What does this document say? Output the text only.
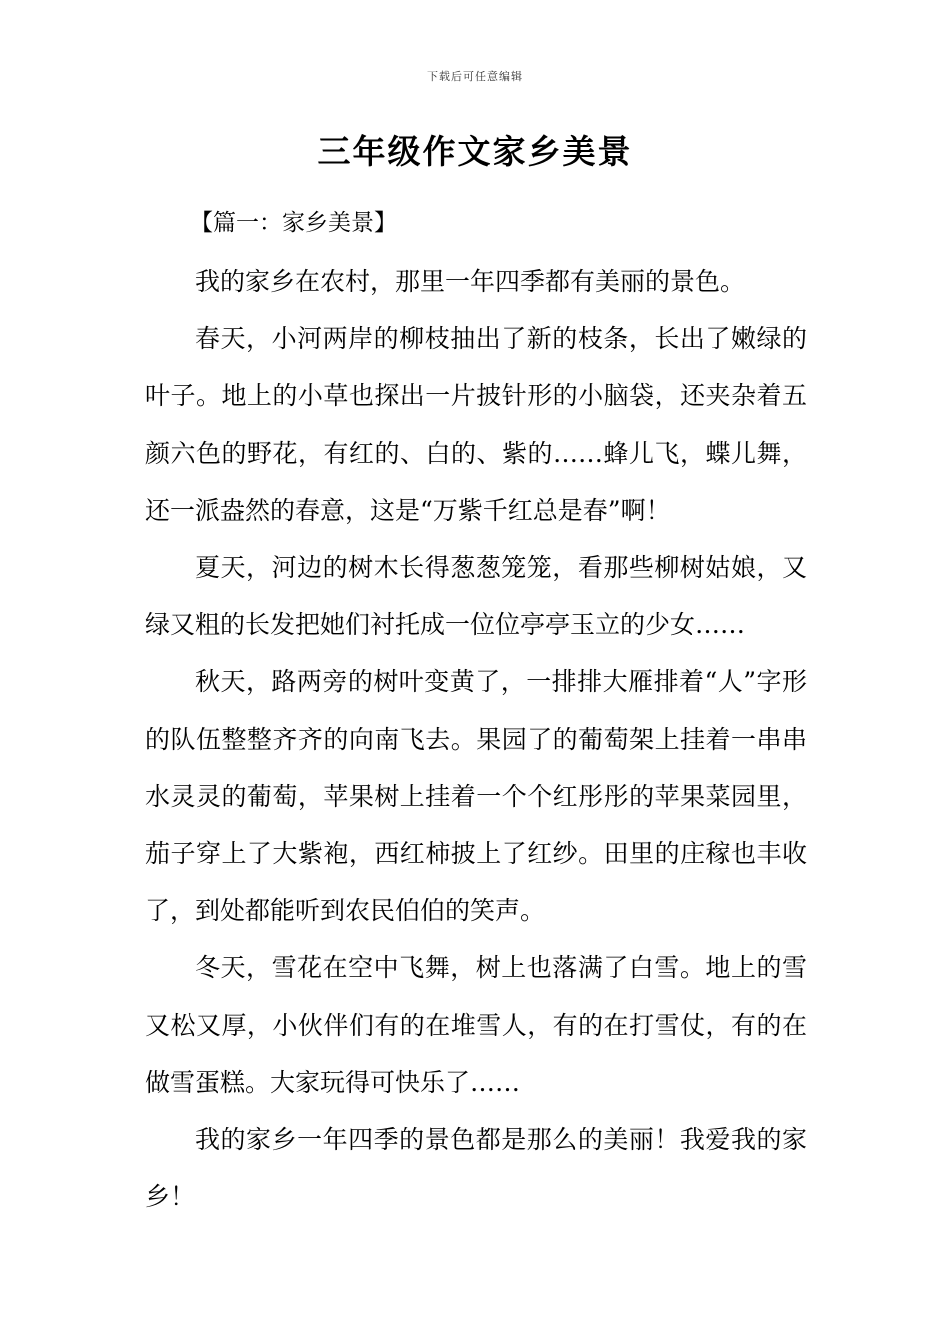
下载后可任意编辑
三年级作文家乡美景

【篇一：家乡美景】

我的家乡在农村，那里一年四季都有美丽的景色。

春天，小河两岸的柳枝抽出了新的枝条，长出了嫩绿的叶子。地上的小草也探出一片披针形的小脑袋，还夹杂着五颜六色的野花，有红的、白的、紫的……蜂儿飞，蝶儿舞，还一派盎然的春意，这是“万紫千红总是春”啊！

夏天，河边的树木长得葱葱笼笼，看那些柳树姑娘，又绿又粗的长发把她们衬托成一位位亭亭玉立的少女……

秋天，路两旁的树叶变黄了，一排排大雁排着“人”字形的队伍整整齐齐的向南飞去。果园了的葡萄架上挂着一串串水灵灵的葡萄，苹果树上挂着一个个红彤彤的苹果菜园里，茄子穿上了大紫袍，西红柿披上了红纱。田里的庄稼也丰收了，到处都能听到农民伯伯的笑声。

冬天，雪花在空中飞舞，树上也落满了白雪。地上的雪又松又厚，小伙伴们有的在堆雪人，有的在打雪仗，有的在做雪蛋糕。大家玩得可快乐了……

我的家乡一年四季的景色都是那么的美丽！我爱我的家乡！
